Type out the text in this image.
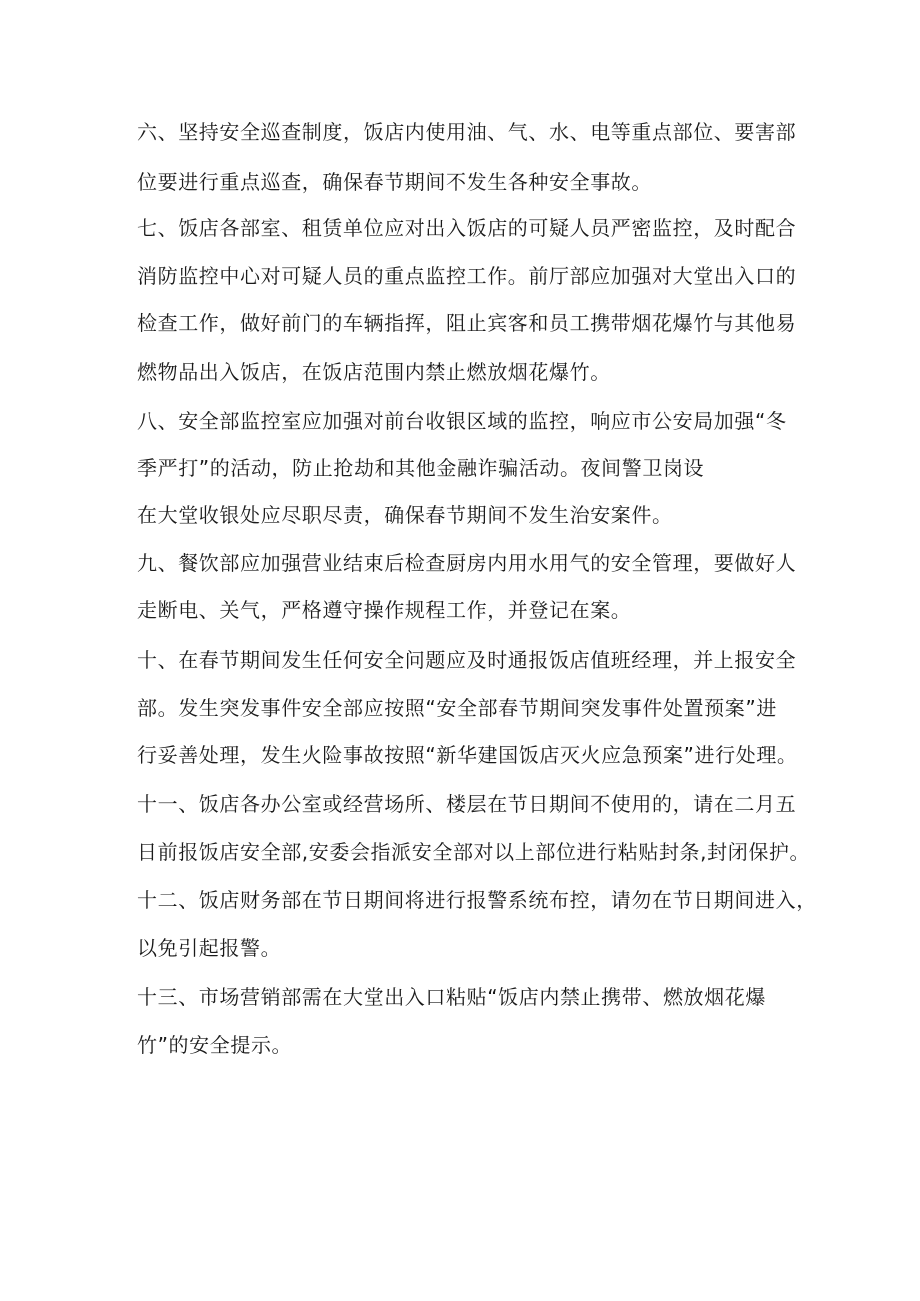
六、坚持安全巡查制度，饭店内使用油、气、水、电等重点部位、要害部
位要进行重点巡查，确保春节期间不发生各种安全事故。
七、饭店各部室、租赁单位应对出入饭店的可疑人员严密监控，及时配合
消防监控中心对可疑人员的重点监控工作。前厅部应加强对大堂出入口的
检查工作，做好前门的车辆指挥，阻止宾客和员工携带烟花爆竹与其他易
燃物品出入饭店，在饭店范围内禁止燃放烟花爆竹。
八、安全部监控室应加强对前台收银区域的监控，响应市公安局加强“冬
季严打”的活动，防止抢劫和其他金融诈骗活动。夜间警卫岗设
在大堂收银处应尽职尽责，确保春节期间不发生治安案件。
九、餐饮部应加强营业结束后检查厨房内用水用气的安全管理，要做好人
走断电、关气，严格遵守操作规程工作，并登记在案。
十、在春节期间发生任何安全问题应及时通报饭店值班经理，并上报安全
部。发生突发事件安全部应按照“安全部春节期间突发事件处置预案”进
行妥善处理，发生火险事故按照“新华建国饭店灭火应急预案”进行处理。
十一、饭店各办公室或经营场所、楼层在节日期间不使用的，请在二月五
日前报饭店安全部,安委会指派安全部对以上部位进行粘贴封条,封闭保护。
十二、饭店财务部在节日期间将进行报警系统布控，请勿在节日期间进入，
以免引起报警。
十三、市场营销部需在大堂出入口粘贴“饭店内禁止携带、燃放烟花爆
竹”的安全提示。
